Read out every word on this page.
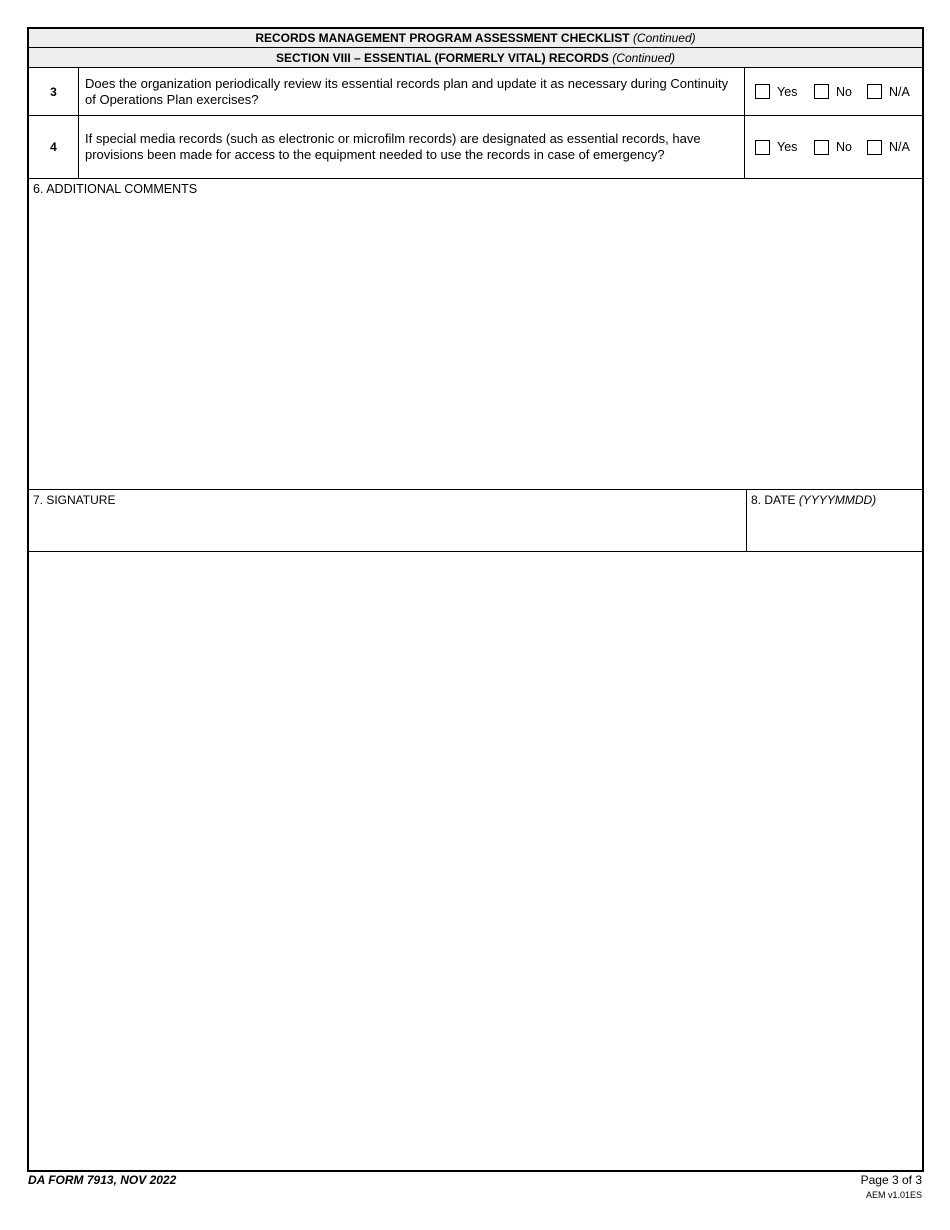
RECORDS MANAGEMENT PROGRAM ASSESSMENT CHECKLIST (Continued)
SECTION VIII – ESSENTIAL (FORMERLY VITAL) RECORDS (Continued)
3
Does the organization periodically review its essential records plan and update it as necessary during Continuity of Operations Plan exercises?	Yes	No	N/A
4
If special media records (such as electronic or microfilm records) are designated as essential records, have provisions been made for access to the equipment needed to use the records in case of emergency?	Yes	No	N/A
6. ADDITIONAL COMMENTS
7. SIGNATURE	8. DATE (YYYYMMDD)
DA FORM 7913, NOV 2022	Page 3 of 3
AEM v1.01ES
